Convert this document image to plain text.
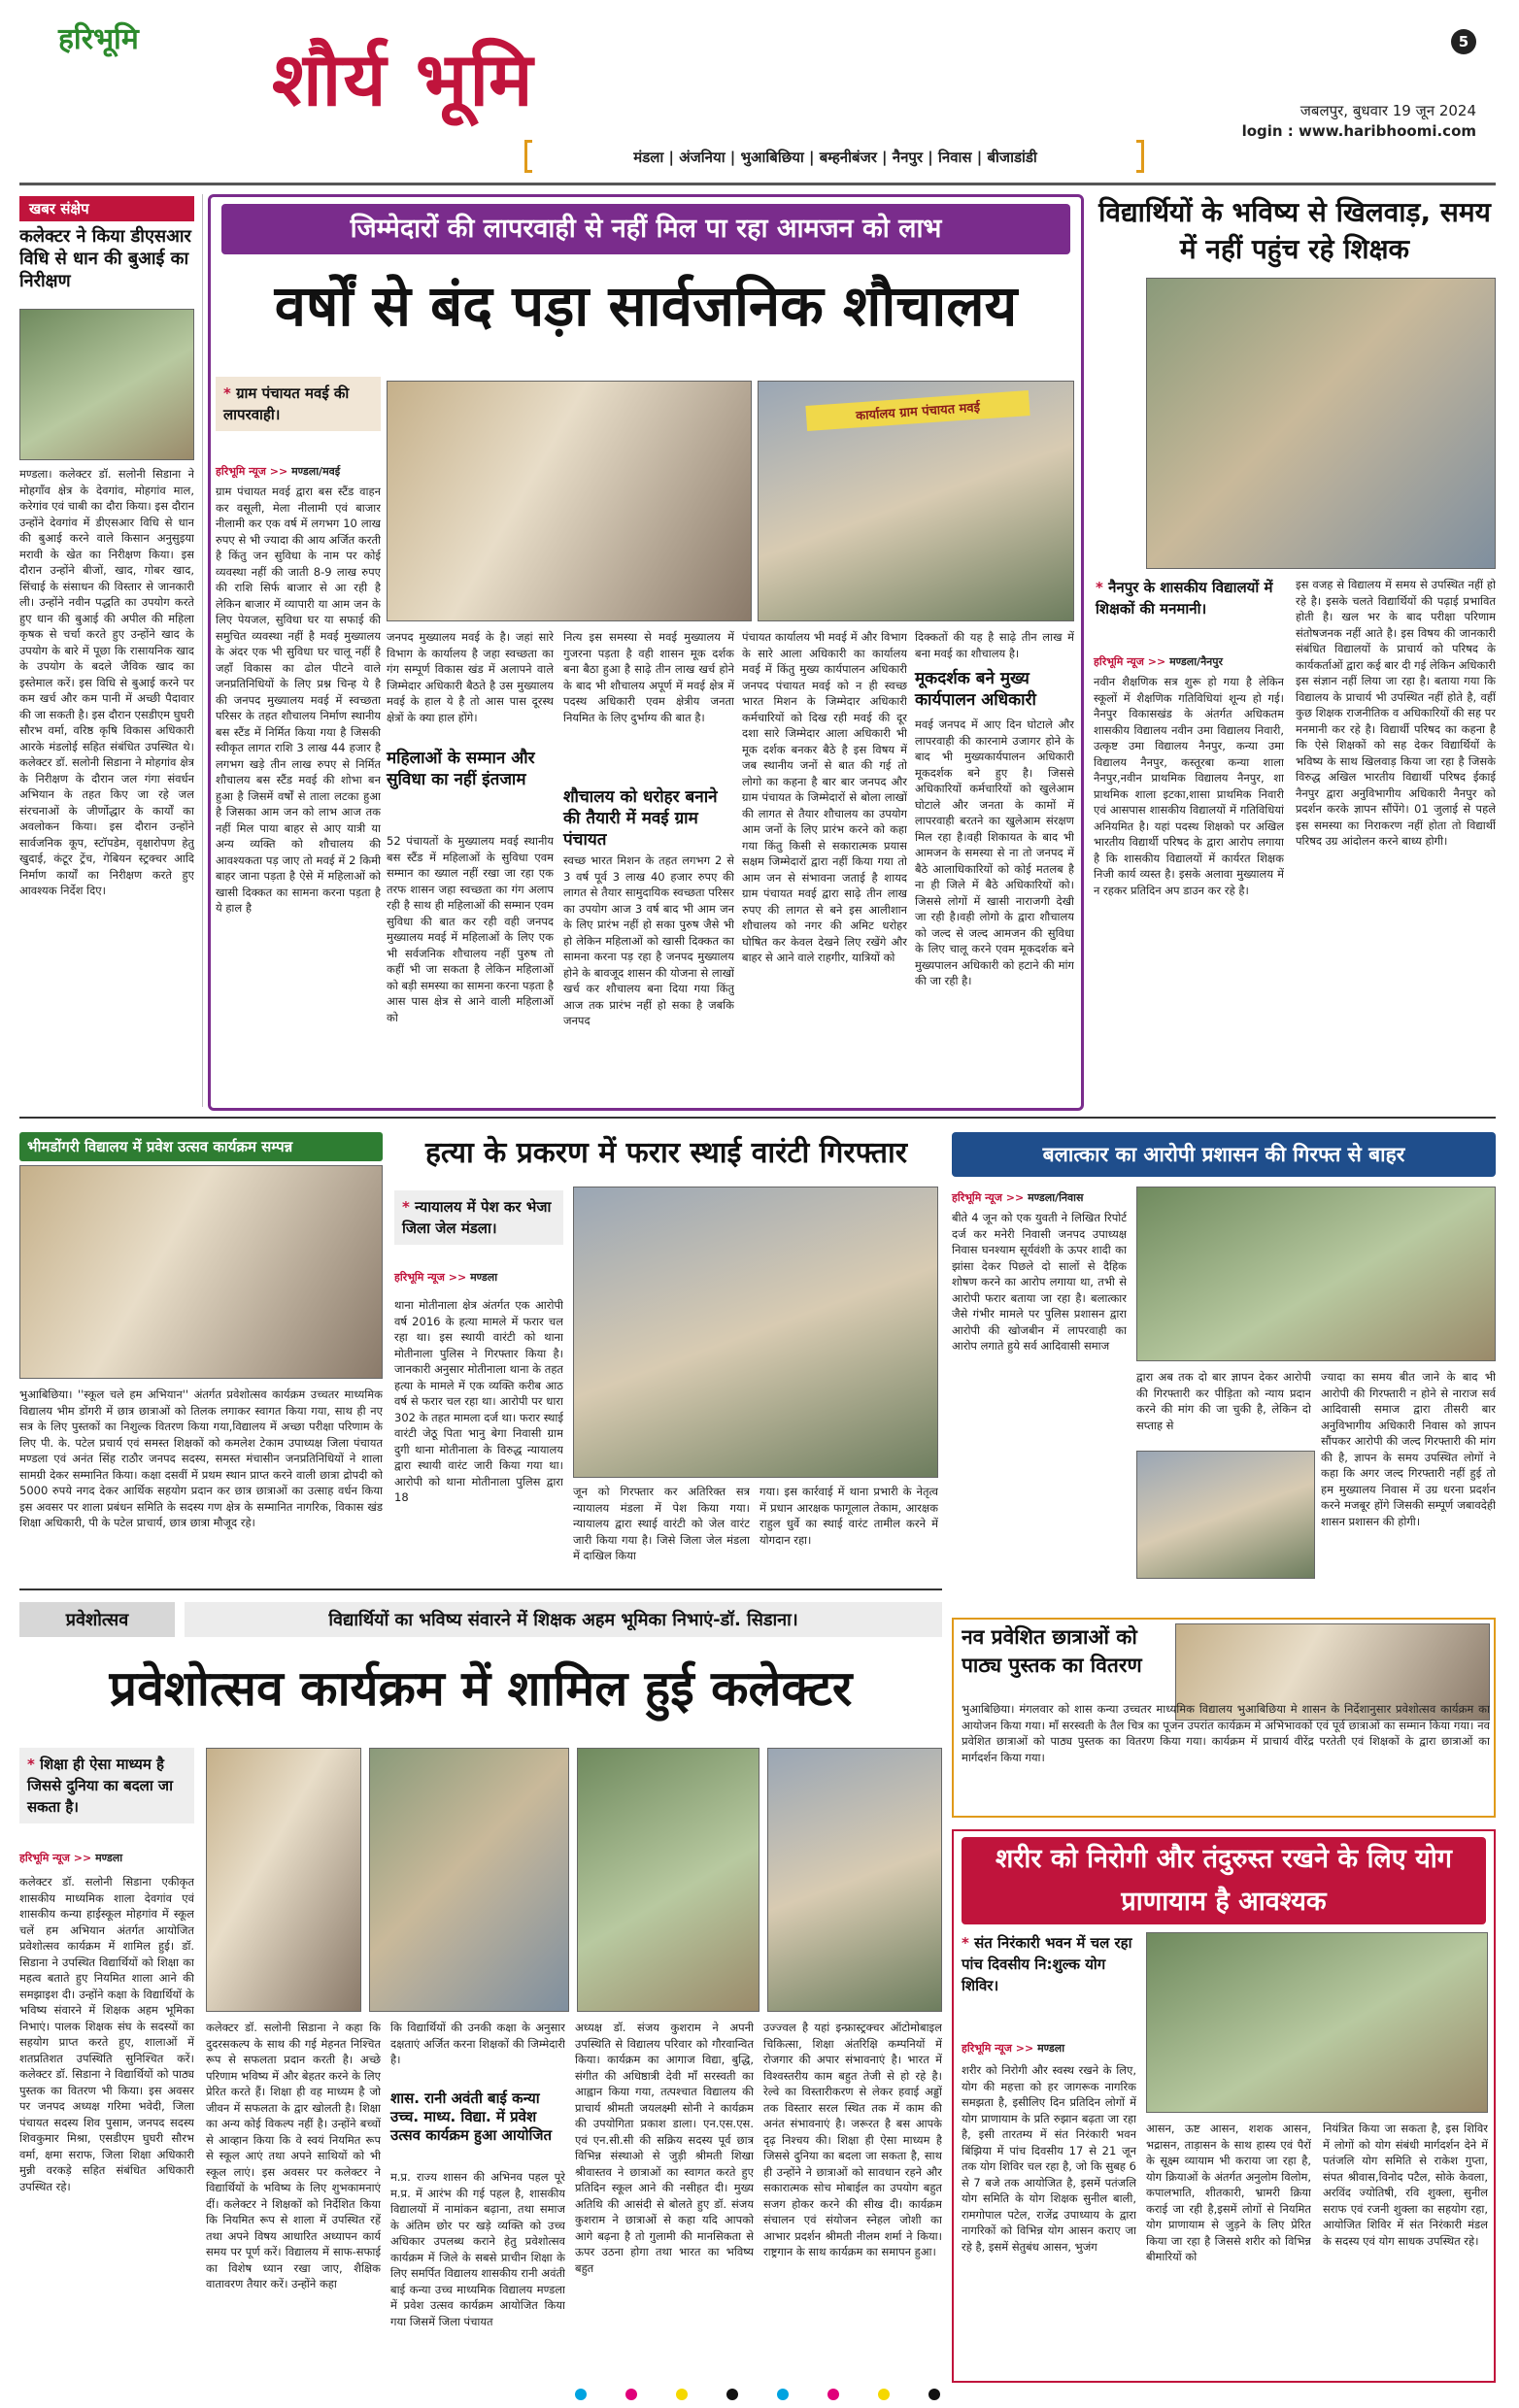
हरिभूमि शौर्य भूमि	5
जबलपुर, बुधवार 19 जून 2024
login : www.haribhoomi.com
मंडला | अंजनिया | भुआबिछिया | बम्हनीबंजर | नैनपुर | निवास | बीजाडांडी
खबर संक्षेप
कलेक्टर ने किया डीएसआर विधि से धान की बुआई का निरीक्षण
मण्डला। कलेक्टर डॉ. सलोनी सिडाना ने मोहगाँव क्षेत्र के देवगांव, मोहगांव माल, करेगांव एवं चाबी का दौरा किया। इस दौरान उन्होंने देवगांव में डीएसआर विधि से धान की बुआई करने वाले किसान अनुसुइया मरावी के खेत का निरीक्षण किया। इस दौरान उन्होंने बीजों, खाद, गोबर खाद, सिंचाई के संसाधन की विस्तार से जानकारी ली। उन्होंने नवीन पद्धति का उपयोग करते हुए धान की बुआई की अपील की महिला कृषक से चर्चा करते हुए उन्होंने खाद के उपयोग के बारे में पूछा कि रासायनिक खाद के उपयोग के बदले जैविक खाद का इस्तेमाल करें। इस विधि से बुआई करने पर कम खर्च और कम पानी में अच्छी पैदावार की जा सकती है। इस दौरान एसडीएम घुघरी सौरभ वर्मा, वरिष्ठ कृषि विकास अधिकारी आरके मंडलोई सहित संबंधित उपस्थित थे। कलेक्टर डॉ. सलोनी सिडाना ने मोहगांव क्षेत्र के निरीक्षण के दौरान जल गंगा संवर्धन अभियान के तहत किए जा रहे जल संरचनाओं के जीर्णोद्धार के कार्यों का अवलोकन किया। इस दौरान उन्होंने सार्वजनिक कूप, स्टॉपडेम, वृक्षारोपण हेतु खुदाई, कंटूर ट्रेंच, गेबियन स्ट्रक्चर आदि निर्माण कार्यों का निरीक्षण करते हुए आवश्यक निर्देश दिए।
जिम्मेदारों की लापरवाही से नहीं मिल पा रहा आमजन को लाभ
वर्षों से बंद पड़ा सार्वजनिक शौचालय
* ग्राम पंचायत मवई की लापरवाही।
हरिभूमि न्यूज >> मण्डला/मवई
ग्राम पंचायत मवई द्वारा बस स्टैंड वाहन कर वसूली, मेला नीलामी एवं बाजार नीलामी कर एक वर्ष में लगभग 10 लाख रुपए से भी ज्यादा की आय अर्जित करती है किंतु जन सुविधा के नाम पर कोई व्यवस्था नहीं की जाती 8-9 लाख रुपए की राशि सिर्फ बाजार से आ रही है लेकिन बाजार में व्यापारी या आम जन के लिए पेयजल, सुविधा घर या सफाई की समुचित व्यवस्था नहीं है मवई मुख्यालय के अंदर एक भी सुविधा घर चालू नहीं है जहाँ विकास का ढोल पीटने वाले जनप्रतिनिधियों के लिए प्रश्न चिन्ह ये है की जनपद मुख्यालय मवई में स्वच्छता परिसर के तहत शौचालय निर्माण स्थानीय बस स्टैंड में निर्मित किया गया है जिसकी स्वीकृत लागत राशि 3 लाख 44 हजार है लगभग खड़े तीन लाख रुपए से निर्मित शौचालय बस स्टैंड मवई की शोभा बन हुआ है जिसमें वर्षों से ताला लटका हुआ है जिसका आम जन को लाभ आज तक नहीं मिल पाया बाहर से आए यात्री या अन्य व्यक्ति को शौचालय की आवश्यकता पड़ जाए तो मवई में 2 किमी बाहर जाना पड़ता है ऐसे में महिलाओं को खासी दिक्कत का सामना करना पड़ता है ये हाल है
कार्यालय ग्राम पंचायत मवई
जनपद मुख्यालय मवई के है। जहां सारे विभाग के कार्यालय है जहा स्वच्छता का गंग सम्पूर्ण विकास खंड में अलापने वाले जिम्मेदार अधिकारी बैठते है उस मुख्यालय मवई के हाल ये है तो आस पास दूरस्थ क्षेत्रों के क्या हाल होंगे।
महिलाओं के सम्मान और सुविधा का नहीं इंतजाम
52 पंचायतों के मुख्यालय मवई स्थानीय बस स्टैंड में महिलाओं के सुविधा एवम सम्मान का ख्याल नहीं रखा जा रहा एक तरफ शासन जहा स्वच्छता का गंग अलाप रही है साथ ही महिलाओं की सम्मान एवम सुविधा की बात कर रही वही जनपद मुख्यालय मवई में महिलाओं के लिए एक भी सर्वजनिक शौचालय नहीं पुरुष तो कहीं भी जा सकता है लेकिन महिलाओं को बड़ी समस्या का सामना करना पड़ता है आस पास क्षेत्र से आने वाली महिलाओं को
नित्य इस समस्या से मवई मुख्यालय में गुजरना पड़ता है वही शासन मूक दर्शक बना बैठा हुआ है साढ़े तीन लाख खर्च होने के बाद भी शौचालय अपूर्ण में मवई क्षेत्र में पदस्थ अधिकारी एवम क्षेत्रीय जनता नियमित के लिए दुर्भाग्य की बात है।
शौचालय को धरोहर बनाने की तैयारी में मवई ग्राम पंचायत
स्वच्छ भारत मिशन के तहत लगभग 2 से 3 वर्ष पूर्व 3 लाख 40 हजार रुपए की लागत से तैयार सामुदायिक स्वच्छता परिसर का उपयोग आज 3 वर्ष बाद भी आम जन के लिए प्रारंभ नहीं हो सका पुरुष जैसे भी हो लेकिन महिलाओं को खासी दिक्कत का सामना करना पड़ रहा है जनपद मुख्यालय होने के बावजूद शासन की योजना से लाखों खर्च कर शौचालय बना दिया गया किंतु आज तक प्रारंभ नहीं हो सका है जबकि जनपद
पंचायत कार्यालय भी मवई में और विभाग के सारे आला अधिकारी का कार्यालय मवई में किंतु मुख्य कार्यपालन अधिकारी जनपद पंचायत मवई को न ही स्वच्छ भारत मिशन के जिम्मेदार अधिकारी कर्मचारियों को दिख रही मवई की दूर दशा सारे जिम्मेदार आला अधिकारी भी मूक दर्शक बनकर बैठे है इस विषय में जब स्थानीय जनों से बात की गई तो लोगो का कहना है बार बार जनपद और ग्राम पंचायत के जिम्मेदारों से बोला लाखों की लागत से तैयार शौचालय का उपयोग आम जनों के लिए प्रारंभ करने को कहा गया किंतु किसी से सकारात्मक प्रयास सक्षम जिम्मेदारों द्वारा नहीं किया गया तो आम जन से संभावना जताई है शायद ग्राम पंचायत मवई द्वारा साढ़े तीन लाख रुपए की लागत से बने इस आलीशान शौचालय को नगर की अमिट धरोहर घोषित कर केवल देखने लिए रखेंगे और बाहर से आने वाले राहगीर, यात्रियों को
दिक्कतों की यह है साढ़े तीन लाख में बना मवई का शौचालय है।
मूकदर्शक बने मुख्य कार्यपालन अधिकारी
मवई जनपद में आए दिन घोटाले और लापरवाही की कारनामे उजागर होने के बाद भी मुख्यकार्यपालन अधिकारी मूकदर्शक बने हुए है। जिससे अधिकारियों कर्मचारियों को खुलेआम घोटाले और जनता के कामों में लापरवाही बरतने का खुलेआम संरक्षण मिल रहा है।वही शिकायत के बाद भी आमजन के समस्या से ना तो जनपद में बैठे आलाधिकारियों को कोई मतलब है ना ही जिले में बैठे अधिकारियों को। जिससे लोगों में खासी नाराजगी देखी जा रही है।वही लोगो के द्वारा शौचालय को जल्द से जल्द आमजन की सुविधा के लिए चालू करने एवम मूकदर्शक बने मुख्यपालन अधिकारी को हटाने की मांग की जा रही है।
विद्यार्थियों के भविष्य से खिलवाड़, समय में नहीं पहुंच रहे शिक्षक
* नैनपुर के शासकीय विद्यालयों में शिक्षकों की मनमानी।
हरिभूमि न्यूज >> मण्डला/नैनपुर
नवीन शैक्षणिक सत्र शुरू हो गया है लेकिन स्कूलों में शैक्षणिक गतिविधियां शून्य हो गई। नैनपुर विकासखंड के अंतर्गत अधिकतम शासकीय विद्यालय नवीन उमा विद्यालय निवारी, उत्कृष्ट उमा विद्यालय नैनपुर, कन्या उमा विद्यालय नैनपुर, कस्तूरबा कन्या शाला नैनपुर,नवीन प्राथमिक विद्यालय नैनपुर, शा प्राथमिक शाला इटका,शासा प्राथमिक निवारी एवं आसपास शासकीय विद्यालयों में गतिविधियां अनियमित है। यहां पदस्थ शिक्षको पर अखिल भारतीय विद्यार्थी परिषद के द्वारा आरोप लगाया है कि शासकीय विद्यालयों में कार्यरत शिक्षक निजी कार्य व्यस्त है। इसके अलावा मुख्यालय में न रहकर प्रतिदिन अप डाउन कर रहे है।
इस वजह से विद्यालय में समय से उपस्थित नहीं हो रहे है। इसके चलते विद्यार्थियों की पढ़ाई प्रभावित होती है। खल भर के बाद परीक्षा परिणाम संतोषजनक नहीं आते है। इस विषय की जानकारी संबंधित विद्यालयों के प्राचार्य को परिषद के कार्यकर्ताओं द्वारा कई बार दी गई लेकिन अधिकारी इस संज्ञान नहीं लिया जा रहा है। बताया गया कि विद्यालय के प्राचार्य भी उपस्थित नहीं होते है, वहीं कुछ शिक्षक राजनीतिक व अधिकारियों की सह पर मनमानी कर रहे है। विद्यार्थी परिषद का कहना है कि ऐसे शिक्षकों को सह देकर विद्यार्थियों के भविष्य के साथ खिलवाड़ किया जा रहा है जिसके विरुद्ध अखिल भारतीय विद्यार्थी परिषद ईकाई नैनपुर द्वारा अनुविभागीय अधिकारी नैनपुर को प्रदर्शन करके ज्ञापन सौंपेंगे। 01 जुलाई से पहले इस समस्या का निराकरण नहीं होता तो विद्यार्थी परिषद उग्र आंदोलन करने बाध्य होगी।
भीमडोंगरी विद्यालय में प्रवेश उत्सव कार्यक्रम सम्पन्न
भुआबिछिया। ''स्कूल चले हम अभियान'' अंतर्गत प्रवेशोत्सव कार्यक्रम उच्चतर माध्यमिक विद्यालय भीम डोंगरी में छात्र छात्राओं को तिलक लगाकर स्वागत किया गया, साथ ही नए सत्र के लिए पुस्तकों का निशुल्क वितरण किया गया,विद्यालय में अच्छा परीक्षा परिणाम के लिए पी. के. पटेल प्रचार्य एवं समस्त शिक्षकों को कमलेश टेकाम उपाध्यक्ष जिला पंचायत मण्डला एवं अनंत सिंह राठौर जनपद सदस्य, समस्त मंचासीन जनप्रतिनिधियों ने शाला सामग्री देकर सम्मानित किया। कक्षा दसवीं में प्रथम स्थान प्राप्त करने वाली छात्रा द्रोपदी को 5000 रुपये नगद देकर आर्थिक सहयोग प्रदान कर छात्र छात्राओं का उत्साह वर्धन किया इस अवसर पर शाला प्रबंधन समिति के सदस्य गण क्षेत्र के सम्मानित नागरिक, विकास खंड शिक्षा अधिकारी, पी के पटेल प्राचार्य, छात्र छात्रा मौजूद रहे।
हत्या के प्रकरण में फरार स्थाई वारंटी गिरफ्तार
* न्यायालय में पेश कर भेजा जिला जेल मंडला।
हरिभूमि न्यूज >> मण्डला
थाना मोतीनाला क्षेत्र अंतर्गत एक आरोपी वर्ष 2016 के हत्या मामले में फरार चल रहा था। इस स्थायी वारंटी को थाना मोतीनाला पुलिस ने गिरफ्तार किया है। जानकारी अनुसार मोतीनाला थाना के तहत हत्या के मामले में एक व्यक्ति करीब आठ वर्ष से फरार चल रहा था। आरोपी पर धारा 302 के तहत मामला दर्ज था। फरार स्थाई वारंटी जेठू पिता भानु बेगा निवासी ग्राम दुगी थाना मोतीनाला के विरुद्ध न्यायालय द्वारा स्थायी वारंट जारी किया गया था। आरोपी को थाना मोतीनाला पुलिस द्वारा 18	जून को गिरफ्तार कर अतिरिक्त सत्र न्यायालय मंडला में पेश किया गया। न्यायालय द्वारा स्थाई वारंटी को जेल वारंट जारी किया गया है। जिसे जिला जेल मंडला में दाखिल किया
गया। इस कार्रवाई में थाना प्रभारी के नेतृत्व में प्रधान आरक्षक फागूलाल तेकाम, आरक्षक राहुल धुर्वे का स्थाई वारंट तामील करने में योगदान रहा।
बलात्कार का आरोपी प्रशासन की गिरफ्त से बाहर
हरिभूमि न्यूज >> मण्डला/निवास
बीते 4 जून को एक युवती ने लिखित रिपोर्ट दर्ज कर मनेरी निवासी जनपद उपाध्यक्ष निवास घनश्याम सूर्यवंशी के ऊपर शादी का झांसा देकर पिछले दो सालों से दैहिक शोषण करने का आरोप लगाया था, तभी से आरोपी फरार बताया जा रहा है। बलात्कार जैसे गंभीर मामले पर पुलिस प्रशासन द्वारा आरोपी की खोजबीन में लापरवाही का आरोप लगाते हुये सर्व आदिवासी समाज
द्वारा अब तक दो बार ज्ञापन देकर आरोपी की गिरफ्तारी कर पीड़िता को न्याय प्रदान करने की मांग की जा चुकी है, लेकिन दो सप्ताह से
ज्यादा का समय बीत जाने के बाद भी आरोपी की गिरफ्तारी न होने से नाराज सर्व आदिवासी समाज द्वारा तीसरी बार अनुविभागीय अधिकारी निवास को ज्ञापन सौंपकर आरोपी की जल्द गिरफ्तारी की मांग की है, ज्ञापन के समय उपस्थित लोगों ने कहा कि अगर जल्द गिरफ्तारी नहीं हुई तो हम मुख्यालय निवास में उग्र धरना प्रदर्शन करने मजबूर होंगे जिसकी सम्पूर्ण जबावदेही शासन प्रशासन की होगी।
प्रवेशोत्सव	विद्यार्थियों का भविष्य संवारने में शिक्षक अहम भूमिका निभाएं-डॉ. सिडाना।
प्रवेशोत्सव कार्यक्रम में शामिल हुई कलेक्टर
* शिक्षा ही ऐसा माध्यम है जिससे दुनिया का बदला जा सकता है।
हरिभूमि न्यूज >> मण्डला
कलेक्टर डॉ. सलोनी सिडाना एकीकृत शासकीय माध्यमिक शाला देवगांव एवं शासकीय कन्या हाईस्कूल मोहगांव में स्कूल चलें हम अभियान अंतर्गत आयोजित प्रवेशोत्सव कार्यक्रम में शामिल हुई। डॉ. सिडाना ने उपस्थित विद्यार्थियों को शिक्षा का महत्व बताते हुए नियमित शाला आने की समझाइश दी। उन्होंने कक्षा के विद्यार्थियों के भविष्य संवारने में शिक्षक अहम भूमिका निभाएं। पालक शिक्षक संघ के सदस्यों का सहयोग प्राप्त करते हुए, शालाओं में शतप्रतिशत उपस्थिति सुनिश्चित करें। कलेक्टर डॉ. सिडाना ने विद्यार्थियों को पाठ्य पुस्तक का वितरण भी किया। इस अवसर पर जनपद अध्यक्ष गरिमा भवेदी, जिला पंचायत सदस्य शिव पुसाम, जनपद सदस्य शिवकुमार मिश्रा, एसडीएम घुघरी सौरभ वर्मा, क्षमा सराफ, जिला शिक्षा अधिकारी मुन्नी वरकड़े सहित संबंधित अधिकारी उपस्थित रहे।
कलेक्टर डॉ. सलोनी सिडाना ने कहा कि दुदरसकल्प के साथ की गई मेहनत निश्चित रूप से सफलता प्रदान करती है। अच्छे परिणाम भविष्य में और बेहतर करने के लिए प्रेरित करते हैं। शिक्षा ही वह माध्यम है जो जीवन में सफलता के द्वार खोलती है। शिक्षा का अन्य कोई विकल्प नहीं है। उन्होंने बच्चों से आव्हान किया कि वे स्वयं नियमित रूप से स्कूल आएं तथा अपने साथियों को भी स्कूल लाएं। इस अवसर पर कलेक्टर ने विद्यार्थियों के भविष्य के लिए शुभकामनाएं दीं। कलेक्टर ने शिक्षकों को निर्देशित किया कि नियमित रूप से शाला में उपस्थित रहें तथा अपने विषय आधारित अध्यापन कार्य समय पर पूर्ण करें। विद्यालय में साफ-सफाई का विशेष ध्यान रखा जाए, शैक्षिक वातावरण तैयार करें। उन्होंने कहा
कि विद्यार्थियों की उनकी कक्षा के अनुसार दक्षताएं अर्जित करना शिक्षकों की जिम्मेदारी है।
शास. रानी अवंती बाई कन्या उच्च. माध्य. विद्या. में प्रवेश उत्सव कार्यक्रम हुआ आयोजित
म.प्र. राज्य शासन की अभिनव पहल पूरे म.प्र. में आरंभ की गई पहल है, शासकीय विद्यालयों में नामांकन बढ़ाना, तथा समाज के अंतिम छोर पर खड़े व्यक्ति को उच्च अधिकार उपलब्ध कराने हेतु प्रवेशोत्सव कार्यक्रम में जिले के सबसे प्राचीन शिक्षा के लिए समर्पित विद्यालय शासकीय रानी अवंती बाई कन्या उच्च माध्यमिक विद्यालय मण्डला में प्रवेश उत्सव कार्यक्रम आयोजित किया गया जिसमें जिला पंचायत
अध्यक्ष डॉ. संजय कुशराम ने अपनी उपस्थिति से विद्यालय परिवार को गौरवान्वित किया। कार्यक्रम का आगाज विद्या, बुद्धि, संगीत की अधिष्ठात्री देवी माँ सरस्वती का आह्वान किया गया, तत्पश्चात विद्यालय की प्राचार्य श्रीमती जयलक्ष्मी सोनी ने कार्यक्रम की उपयोगिता प्रकाश डाला। एन.एस.एस. एवं एन.सी.सी की सक्रिय सदस्य पूर्व छात्र विभिन्न संस्थाओ से जुड़ी श्रीमती शिखा श्रीवास्तव ने छात्राओं का स्वागत करते हुए प्रतिदिन स्कूल आने की नसीहत दी। मुख्य अतिथि की आसंदी से बोलते हुए डॉ. संजय कुशराम ने छात्राओं से कहा यदि आपको आगे बढ़ना है तो गुलामी की मानसिकता से ऊपर उठना होगा तथा भारत का भविष्य बहुत
उज्ज्वल है यहां इन्फ्रास्ट्रक्चर ऑटोमोबाइल चिकित्सा, शिक्षा अंतरिक्षि कम्पनियों में रोजगार की अपार संभावनाएं है। भारत में विश्वस्तरीय काम बहुत तेजी से हो रहे है। रेल्वे का विस्तारीकरण से लेकर हवाई अड्डों तक विस्तार सरल स्थित तक में काम की अनंत संभावनाएं है। जरूरत है बस आपके दृढ़ निश्चय की। शिक्षा ही ऐसा माध्यम है जिससे दुनिया का बदला जा सकता है, साथ ही उन्होंने ने छात्राओं को सावधान रहने और सकारात्मक सोच मोबाईल का उपयोग बहुत सजग होकर करने की सीख दी। कार्यक्रम संचालन एवं संयोजन स्नेहल जोशी का आभार प्रदर्शन श्रीमती नीलम शर्मा ने किया। राष्ट्रगान के साथ कार्यक्रम का समापन हुआ।
नव प्रवेशित छात्राओं को पाठ्य पुस्तक का वितरण
भुआबिछिया। मंगलवार को शास कन्या उच्चतर माध्यमिक विद्यालय भुआबिछिया मे शासन के निर्देशानुसार प्रवेशोत्सव कार्यक्रम का आयोजन किया गया। माँ सरस्वती के तैल चित्र का पूजन उपरांत कार्यक्रम मे अभिभावकों एवं पूर्व छात्राओं का सम्मान किया गया। नव प्रवेशित छात्राओं को पाठ्य पुस्तक का वितरण किया गया। कार्यक्रम में प्राचार्य वीरेंद्र परतेती एवं शिक्षकों के द्वारा छात्राओं का मार्गदर्शन किया गया।
शरीर को निरोगी और तंदुरुस्त रखने के लिए योग प्राणायाम है आवश्यक
* संत निरंकारी भवन में चल रहा पांच दिवसीय नि:शुल्क योग शिविर।
हरिभूमि न्यूज >> मण्डला
शरीर को निरोगी और स्वस्थ रखने के लिए, योग की महत्ता को हर जागरूक नागरिक समझता है, इसीलिए दिन प्रतिदिन लोगों में योग प्राणायाम के प्रति रुझान बढ़ता जा रहा है, इसी तारतम्य में संत निरंकारी भवन बिंझिया में पांच दिवसीय 17 से 21 जून तक योग शिविर चल रहा है, जो कि सुबह 6 से 7 बजे तक आयोजित है, इसमें पतंजलि योग समिति के योग शिक्षक सुनील बाली, रामगोपाल पटेल, राजेंद्र उपाध्याय के द्वारा नागरिकों को विभिन्न योग आसन कराए जा रहे है, इसमें सेतुबंध आसन, भुजंग
आसन, ऊष्ट आसन, शशक आसन, भद्रासन, ताड़ासन के साथ हास्य एवं पैरों के सूक्ष्म व्यायाम भी कराया जा रहा है, योग क्रियाओं के अंतर्गत अनुलोम विलोम, कपालभाति, शीतकारी, भ्रामरी क्रिया कराई जा रही है,इसमें लोगों से नियमित योग प्राणायाम से जुड़ने के लिए प्रेरित किया जा रहा है जिससे शरीर को विभिन्न बीमारियों को
नियंत्रित किया जा सकता है, इस शिविर में लोगों को योग संबंधी मार्गदर्शन देने में पतंजलि योग समिति से राकेश गुप्ता, संपत श्रीवास,विनोद पटैल, सोके केवला, अरविंद ज्योतिषी, रवि शुक्ला, सुनील सराफ एवं रजनी शुक्ला का सहयोग रहा, आयोजित शिविर में संत निरंकारी मंडल के सदस्य एवं योग साधक उपस्थित रहे।
